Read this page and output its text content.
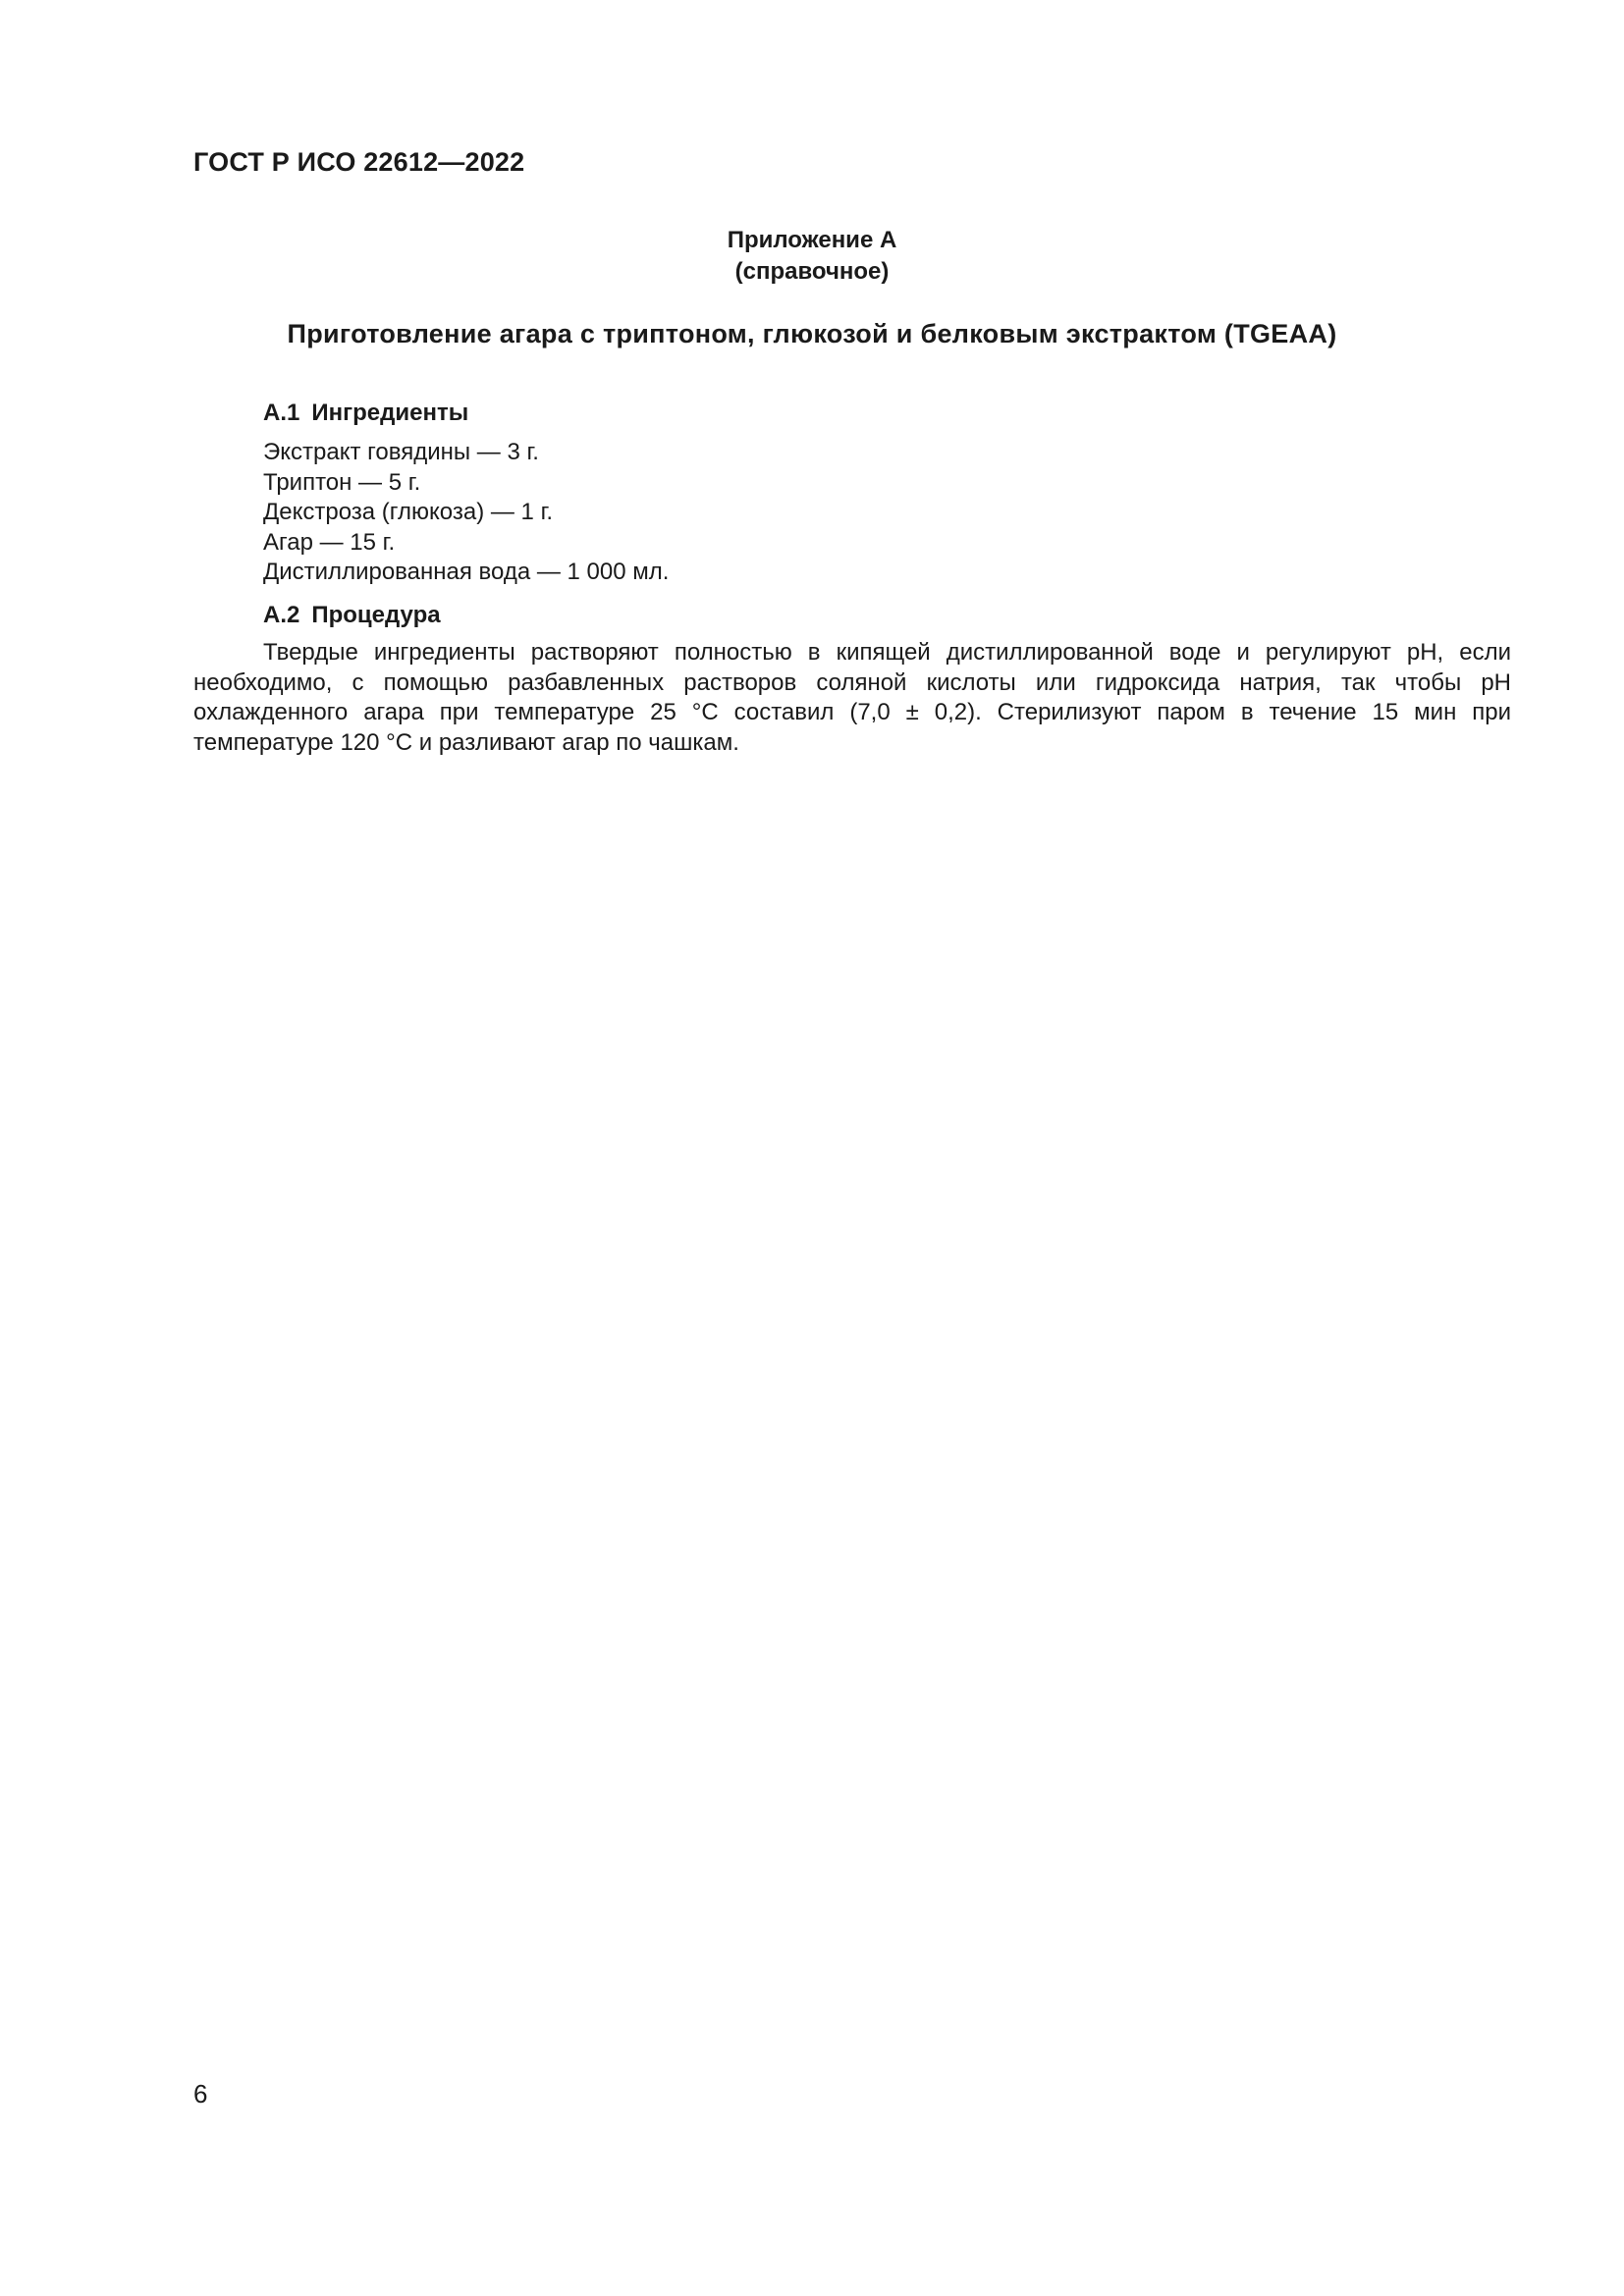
ГОСТ Р ИСО 22612—2022
Приложение А
(справочное)
Приготовление агара с триптоном, глюкозой и белковым экстрактом (TGEAA)
А.1 Ингредиенты
Экстракт говядины — 3 г.
Триптон — 5 г.
Декстроза (глюкоза) — 1 г.
Агар — 15 г.
Дистиллированная вода — 1 000 мл.
А.2 Процедура

Твердые ингредиенты растворяют полностью в кипящей дистиллированной воде и регулируют рН, если необходимо, с помощью разбавленных растворов соляной кислоты или гидроксида натрия, так чтобы рН охлажденного агара при температуре 25 °С составил (7,0 ± 0,2). Стерилизуют паром в течение 15 мин при температуре 120 °С и разливают агар по чашкам.

6
